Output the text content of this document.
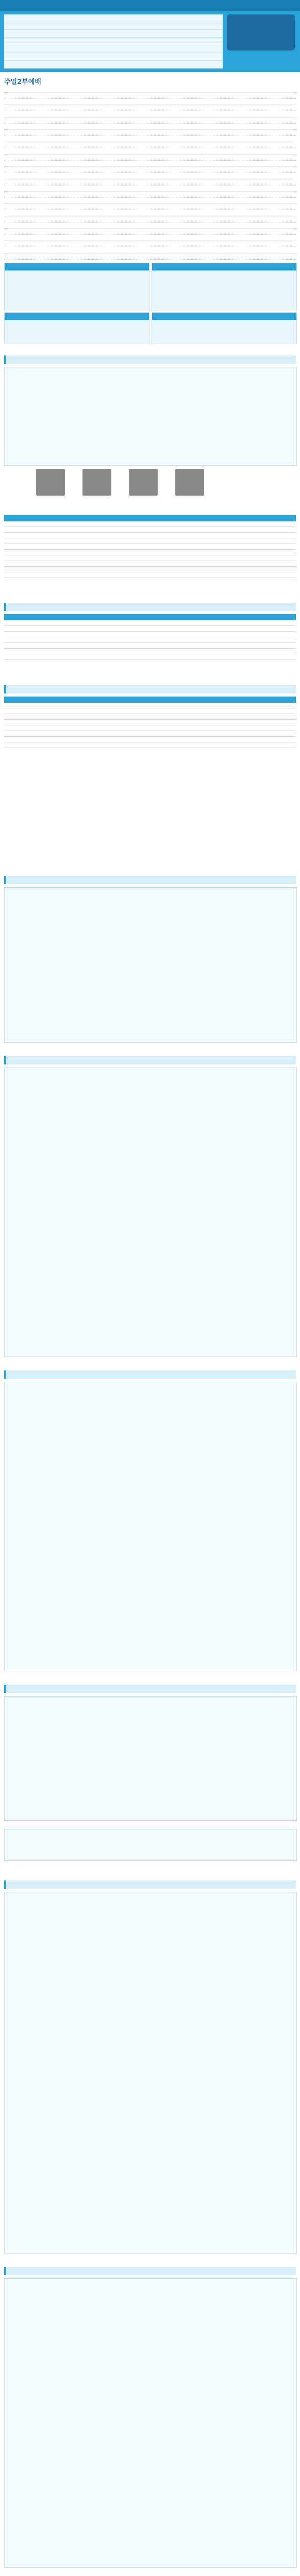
주일2부예배
